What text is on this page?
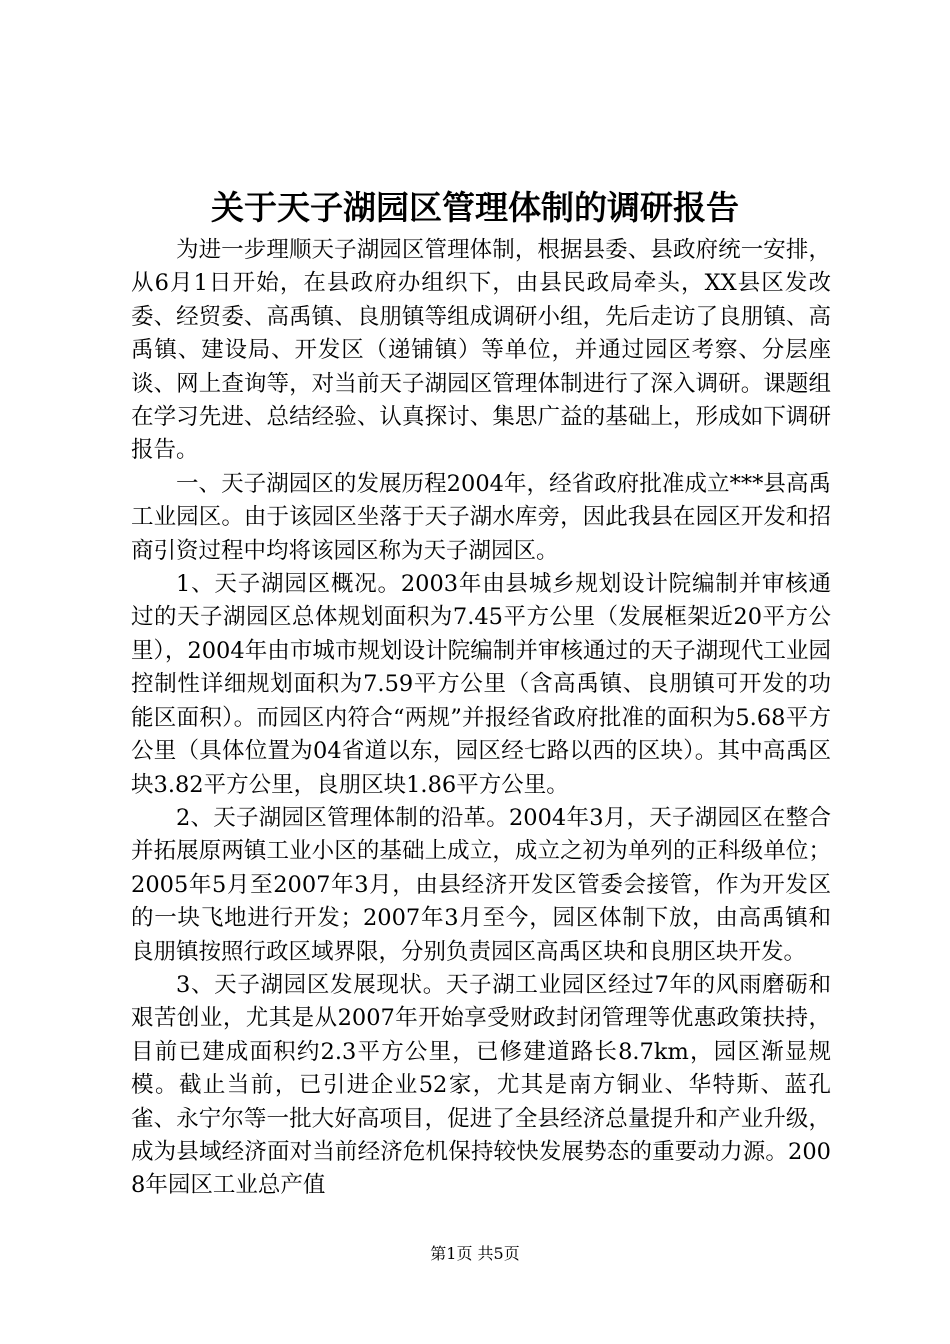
关于天子湖园区管理体制的调研报告

为进一步理顺天子湖园区管理体制，根据县委、县政府统一安排，从6月1日开始，在县政府办组织下，由县民政局牵头，XX县区发改委、经贸委、高禹镇、良朋镇等组成调研小组，先后走访了良朋镇、高禹镇、建设局、开发区（递铺镇）等单位，并通过园区考察、分层座谈、网上查询等，对当前天子湖园区管理体制进行了深入调研。课题组在学习先进、总结经验、认真探讨、集思广益的基础上，形成如下调研报告。

一、天子湖园区的发展历程2004年，经省政府批准成立***县高禹工业园区。由于该园区坐落于天子湖水库旁，因此我县在园区开发和招商引资过程中均将该园区称为天子湖园区。

1、天子湖园区概况。2003年由县城乡规划设计院编制并审核通过的天子湖园区总体规划面积为7.45平方公里（发展框架近20平方公里），2004年由市城市规划设计院编制并审核通过的天子湖现代工业园控制性详细规划面积为7.59平方公里（含高禹镇、良朋镇可开发的功能区面积）。而园区内符合“两规”并报经省政府批准的面积为5.68平方公里（具体位置为04省道以东，园区经七路以西的区块）。其中高禹区块3.82平方公里，良朋区块1.86平方公里。

2、天子湖园区管理体制的沿革。2004年3月，天子湖园区在整合并拓展原两镇工业小区的基础上成立，成立之初为单列的正科级单位；2005年5月至2007年3月，由县经济开发区管委会接管，作为开发区的一块飞地进行开发；2007年3月至今，园区体制下放，由高禹镇和良朋镇按照行政区域界限，分别负责园区高禹区块和良朋区块开发。

3、天子湖园区发展现状。天子湖工业园区经过7年的风雨磨砺和艰苦创业，尤其是从2007年开始享受财政封闭管理等优惠政策扶持，目前已建成面积约2.3平方公里，已修建道路长8.7km，园区渐显规模。截止当前，已引进企业52家，尤其是南方铜业、华特斯、蓝孔雀、永宁尔等一批大好高项目，促进了全县经济总量提升和产业升级，成为县域经济面对当前经济危机保持较快发展势态的重要动力源。2008年园区工业总产值

第1页 共5页
